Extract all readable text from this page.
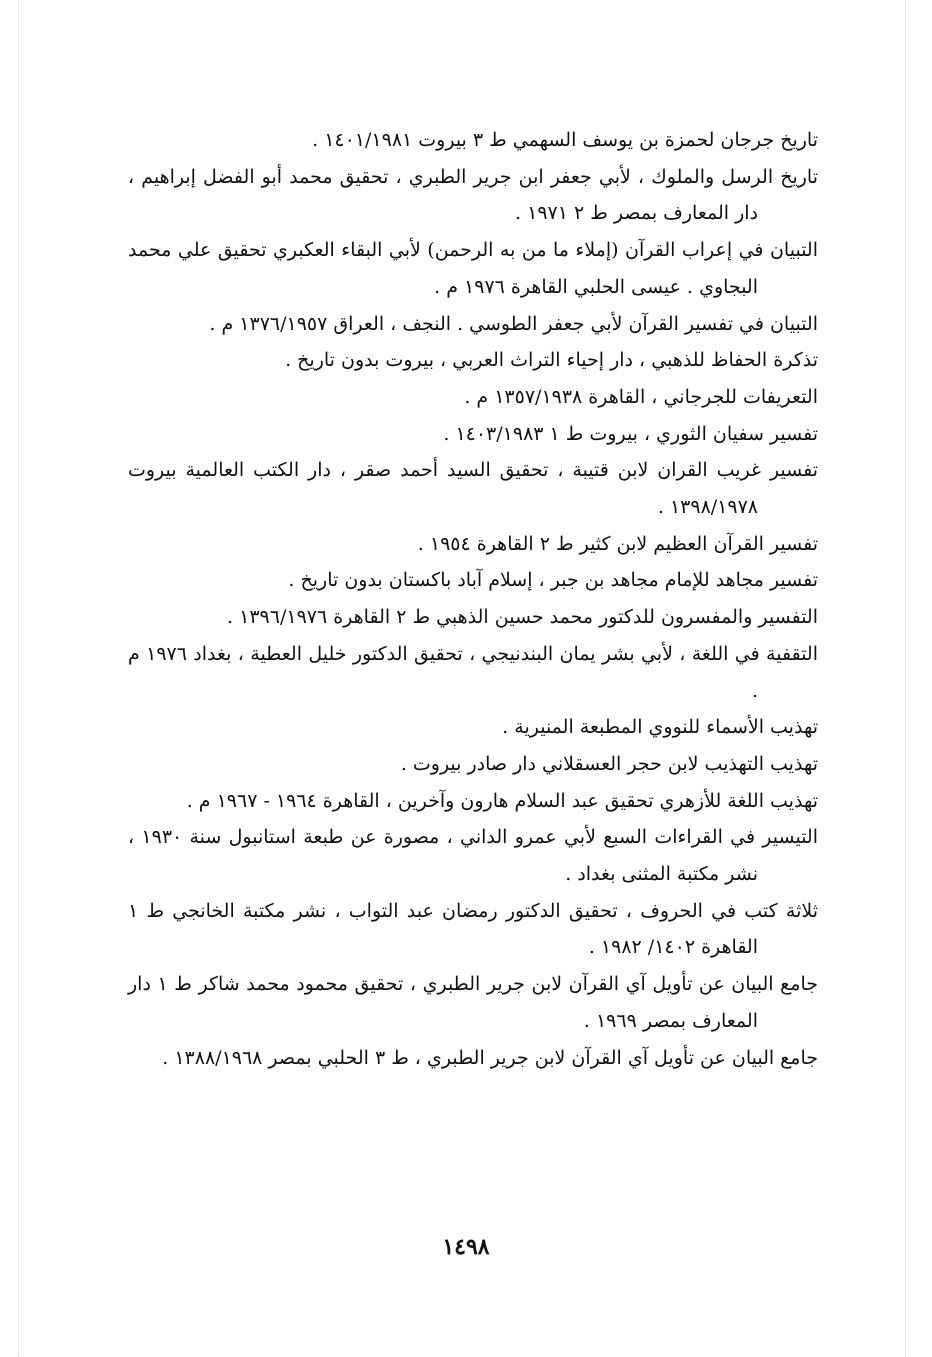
تاريخ جرجان لحمزة بن يوسف السهمي ط ٣ بيروت ١٤٠١/١٩٨١ .

تاريخ الرسل والملوك ، لأبي جعفر ابن جرير الطبري ، تحقيق محمد أبو الفضل إبراهيم ، دار المعارف بمصر ط ٢ ١٩٧١ .

التبيان في إعراب القرآن (إملاء ما من به الرحمن) لأبي البقاء العكبري تحقيق علي محمد البجاوي . عيسى الحلبي القاهرة ١٩٧٦ م .

التبيان في تفسير القرآن لأبي جعفر الطوسي . النجف ، العراق ١٣٧٦/١٩٥٧ م .

تذكرة الحفاظ للذهبي ، دار إحياء التراث العربي ، بيروت بدون تاريخ .

التعريفات للجرجاني ، القاهرة ١٣٥٧/١٩٣٨ م .

تفسير سفيان الثوري ، بيروت ط ١ ١٤٠٣/١٩٨٣ .

تفسير غريب القران لابن قتيبة ، تحقيق السيد أحمد صقر ، دار الكتب العالمية بيروت ١٣٩٨/١٩٧٨ .

تفسير القرآن العظيم لابن كثير ط ٢ القاهرة ١٩٥٤ .

تفسير مجاهد للإمام مجاهد بن جبر ، إسلام آباد باكستان بدون تاريخ .

التفسير والمفسرون للدكتور محمد حسين الذهبي ط ٢ القاهرة ١٣٩٦/١٩٧٦ .

التقفية في اللغة ، لأبي بشر يمان البندنيجي ، تحقيق الدكتور خليل العطية ، بغداد ١٩٧٦ م .

تهذيب الأسماء للنووي المطبعة المنيرية .

تهذيب التهذيب لابن حجر العسقلاني دار صادر بيروت .

تهذيب اللغة للأزهري تحقيق عبد السلام هارون وآخرين ، القاهرة ١٩٦٤ - ١٩٦٧ م .

التيسير في القراءات السبع لأبي عمرو الداني ، مصورة عن طبعة استانبول سنة ١٩٣٠ ، نشر مكتبة المثنى بغداد .

ثلاثة كتب في الحروف ، تحقيق الدكتور رمضان عبد التواب ، نشر مكتبة الخانجي ط ١ القاهرة ١٤٠٢/ ١٩٨٢ .

جامع البيان عن تأويل آي القرآن لابن جرير الطبري ، تحقيق محمود محمد شاكر ط ١ دار المعارف بمصر ١٩٦٩ .

جامع البيان عن تأويل آي القرآن لابن جرير الطبري ، ط ٣ الحلبي بمصر ١٣٨٨/١٩٦٨ .

١٤٩٨
